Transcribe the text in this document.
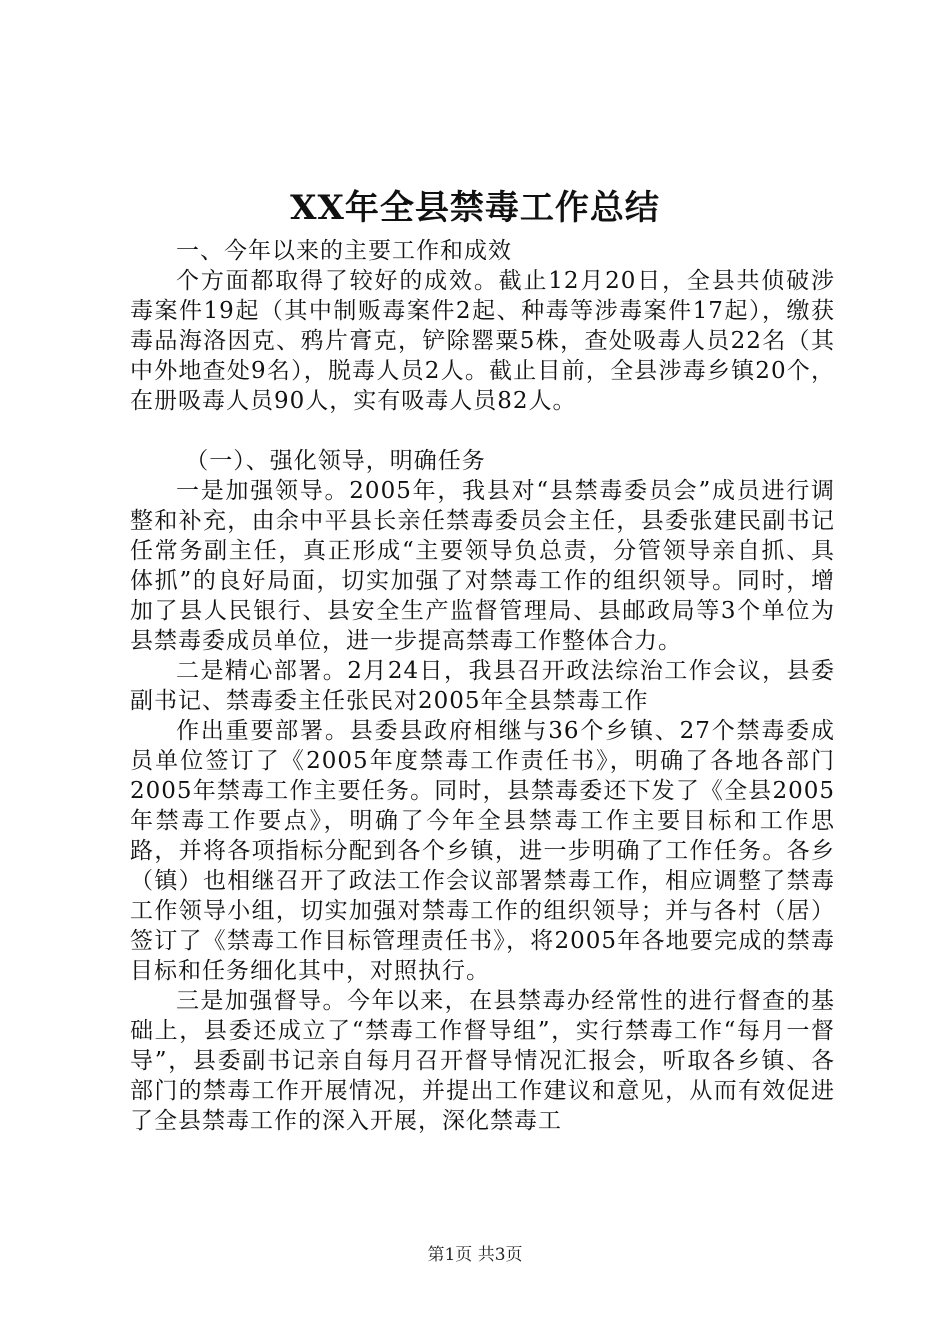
XX年全县禁毒工作总结

一、今年以来的主要工作和成效

个方面都取得了较好的成效。截止12月20日，全县共侦破涉毒案件19起（其中制贩毒案件2起、种毒等涉毒案件17起），缴获毒品海洛因克、鸦片膏克，铲除罂粟5株，查处吸毒人员22名（其中外地查处9名），脱毒人员2人。截止目前，全县涉毒乡镇20个，在册吸毒人员90人，实有吸毒人员82人。

（一）、强化领导，明确任务

一是加强领导。2005年，我县对“县禁毒委员会”成员进行调整和补充，由余中平县长亲任禁毒委员会主任，县委张建民副书记任常务副主任，真正形成“主要领导负总责，分管领导亲自抓、具体抓”的良好局面，切实加强了对禁毒工作的组织领导。同时，增加了县人民银行、县安全生产监督管理局、县邮政局等3个单位为县禁毒委成员单位，进一步提高禁毒工作整体合力。

二是精心部署。2月24日，我县召开政法综治工作会议，县委副书记、禁毒委主任张民对2005年全县禁毒工作

作出重要部署。县委县政府相继与36个乡镇、27个禁毒委成员单位签订了《2005年度禁毒工作责任书》，明确了各地各部门2005年禁毒工作主要任务。同时，县禁毒委还下发了《全县2005年禁毒工作要点》，明确了今年全县禁毒工作主要目标和工作思路，并将各项指标分配到各个乡镇，进一步明确了工作任务。各乡（镇）也相继召开了政法工作会议部署禁毒工作，相应调整了禁毒工作领导小组，切实加强对禁毒工作的组织领导；并与各村（居）签订了《禁毒工作目标管理责任书》，将2005年各地要完成的禁毒目标和任务细化其中，对照执行。

三是加强督导。今年以来，在县禁毒办经常性的进行督查的基础上，县委还成立了“禁毒工作督导组”，实行禁毒工作“每月一督导”，县委副书记亲自每月召开督导情况汇报会，听取各乡镇、各部门的禁毒工作开展情况，并提出工作建议和意见，从而有效促进了全县禁毒工作的深入开展，深化禁毒工

第1页 共3页
